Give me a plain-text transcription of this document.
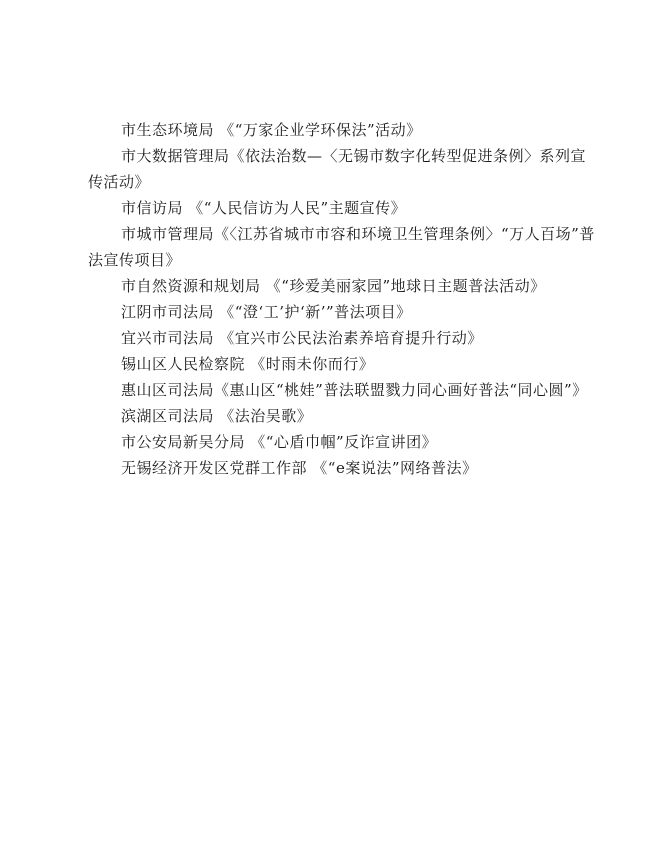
市生态环境局 《“万家企业学环保法”活动》

市大数据管理局《依法治数—〈无锡市数字化转型促进条例〉系列宣传活动》

市信访局 《“人民信访为人民”主题宣传》

市城市管理局《〈江苏省城市市容和环境卫生管理条例〉“万人百场”普法宣传项目》

市自然资源和规划局 《“珍爱美丽家园”地球日主题普法活动》

江阴市司法局 《“澄‘工’护‘新’”普法项目》

宜兴市司法局 《宜兴市公民法治素养培育提升行动》

锡山区人民检察院 《时雨未你而行》

惠山区司法局《惠山区“桃娃”普法联盟戮力同心画好普法“同心圆”》

滨湖区司法局 《法治吴歌》

市公安局新吴分局 《“心盾巾帼”反诈宣讲团》

无锡经济开发区党群工作部 《“e案说法”网络普法》
